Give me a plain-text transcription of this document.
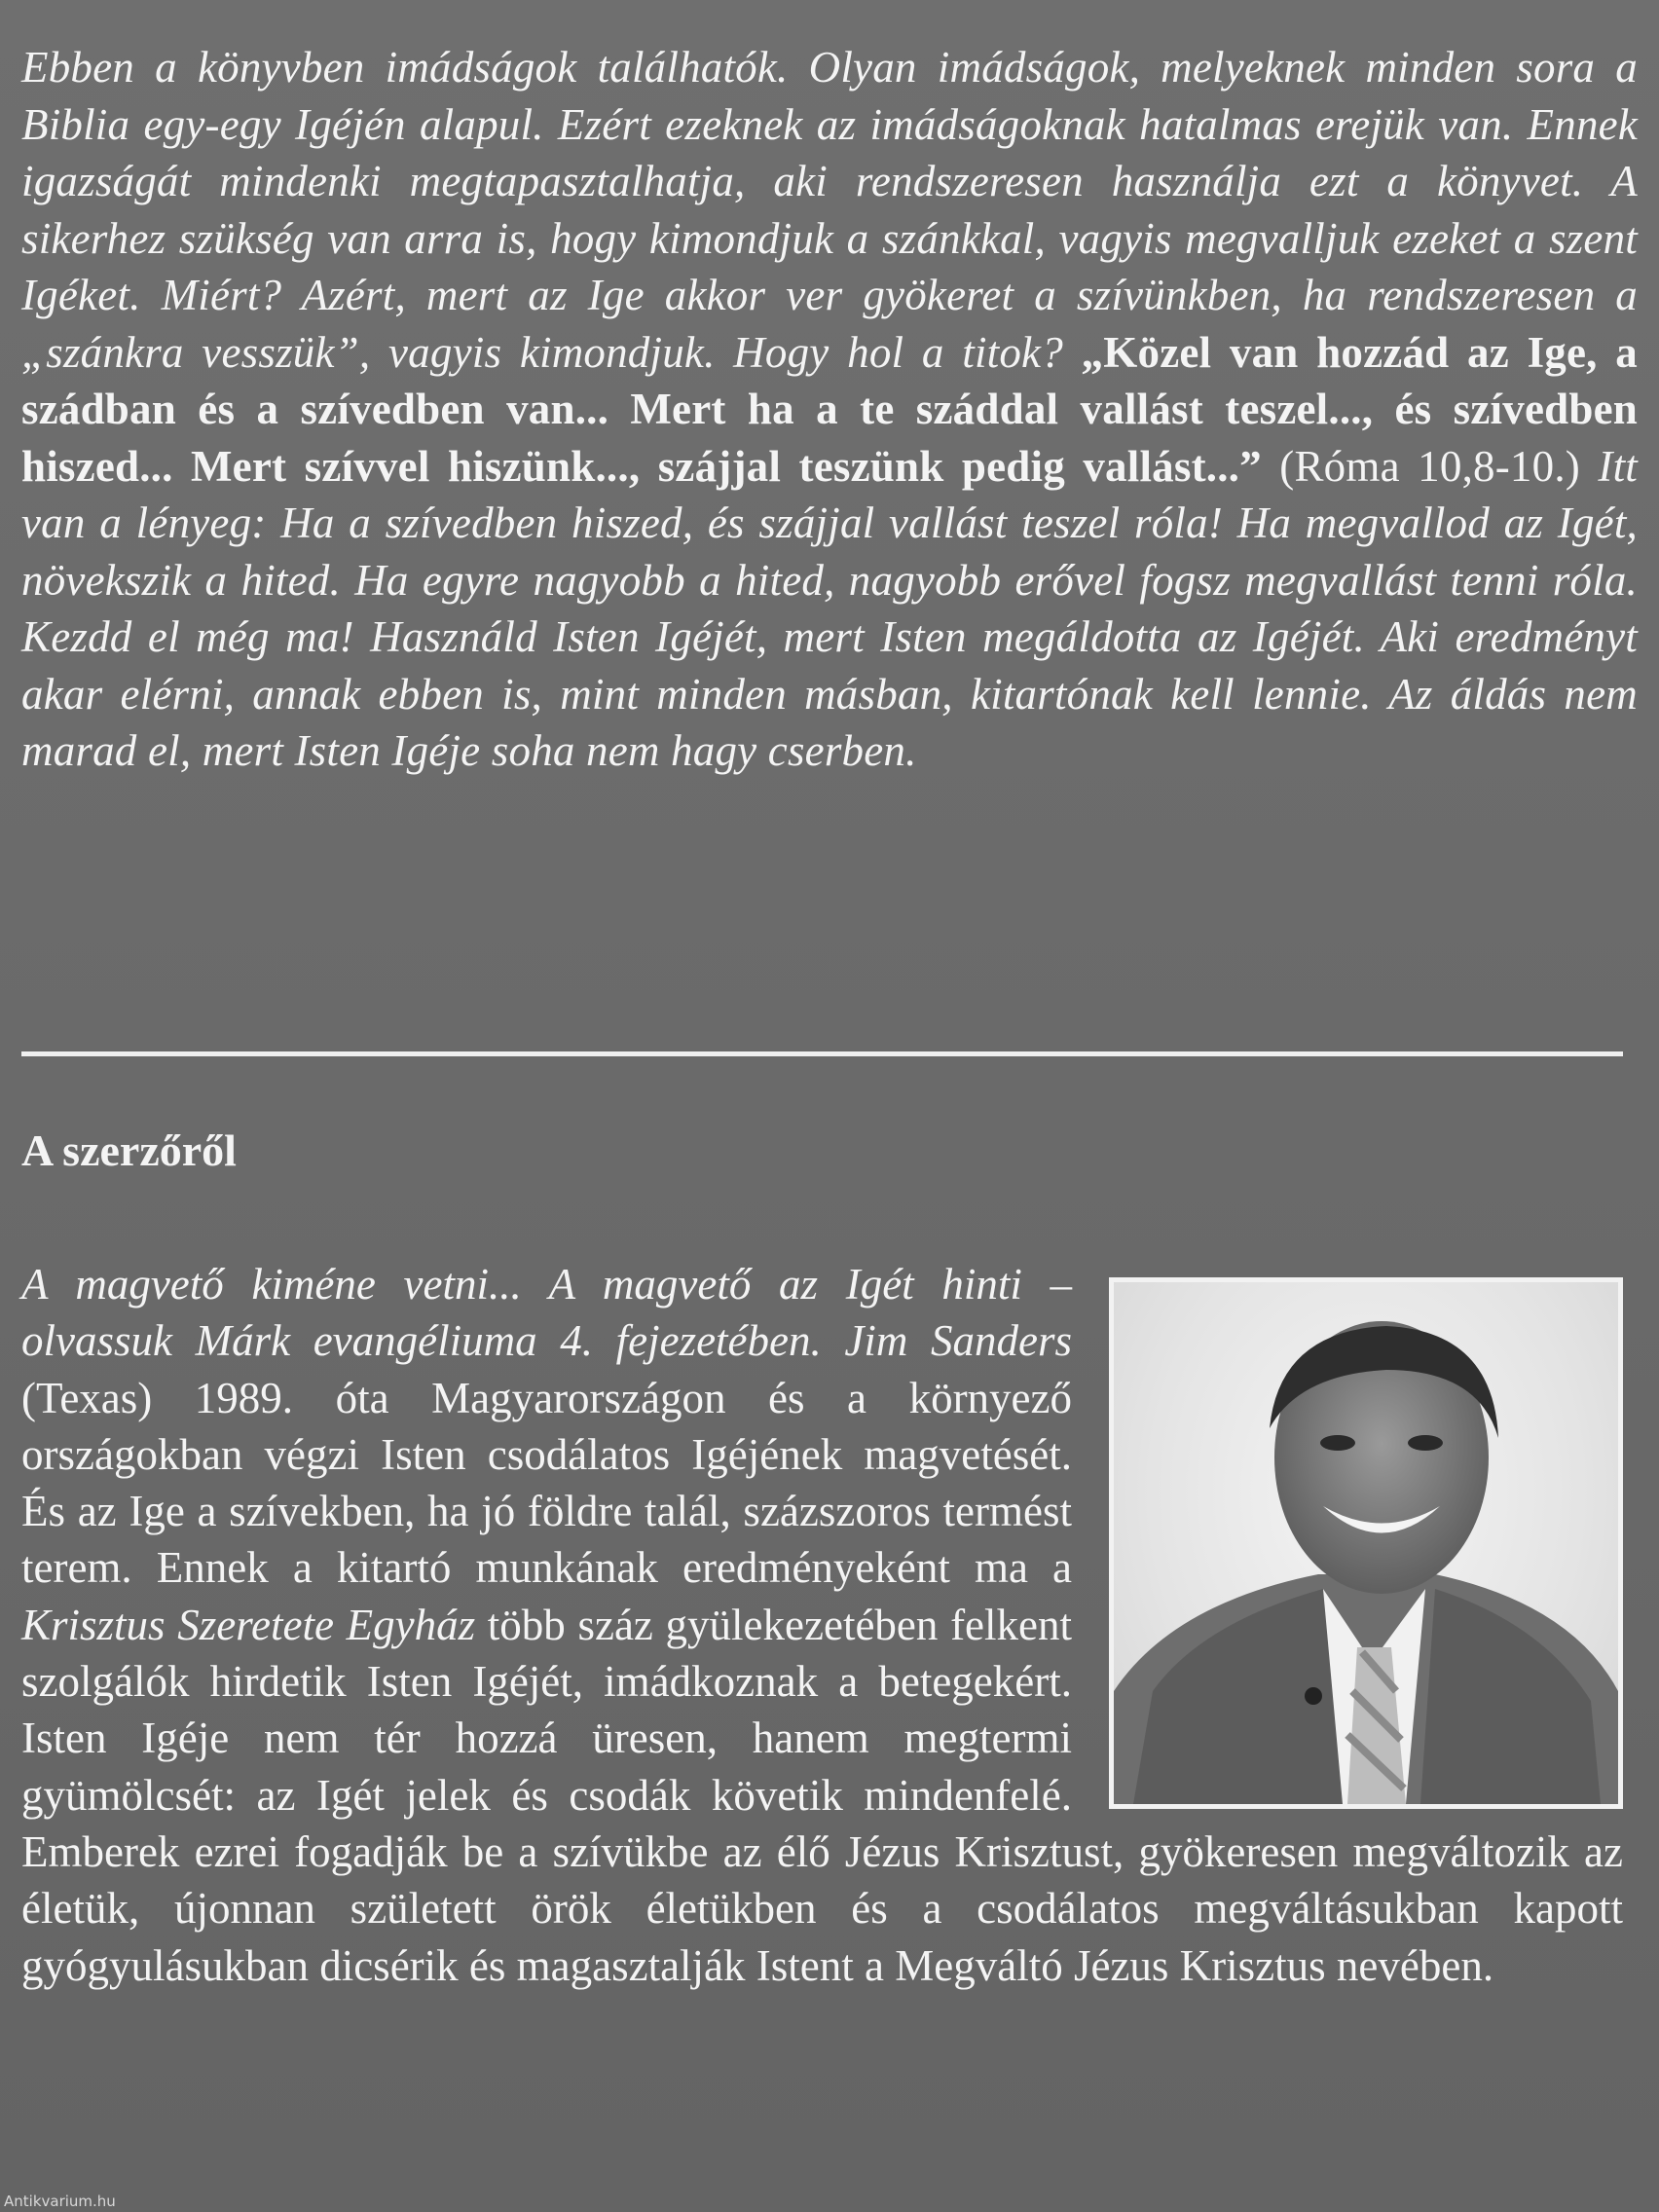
Ebben a könyvben imádságok találhatók. Olyan imádságok, melyeknek minden sora a Biblia egy-egy Igéjén alapul. Ezért ezeknek az imádságoknak hatalmas erejük van. Ennek igazságát mindenki megtapasztalhatja, aki rendszeresen használja ezt a könyvet. A sikerhez szükség van arra is, hogy kimondjuk a szánkkal, vagyis megvalljuk ezeket a szent Igéket. Miért? Azért, mert az Ige akkor ver gyökeret a szívünkben, ha rendszeresen a „szánkra vesszük”, vagyis kimondjuk. Hogy hol a titok? „Közel van hozzád az Ige, a szádban és a szívedben van... Mert ha a te száddal vallást teszel..., és szívedben hiszed... Mert szívvel hiszünk..., szájjal teszünk pedig vallást...” (Róma 10,8-10.) Itt van a lényeg: Ha a szívedben hiszed, és szájjal vallást teszel róla! Ha megvallod az Igét, növekszik a hited. Ha egyre nagyobb a hited, nagyobb erővel fogsz megvallást tenni róla. Kezdd el még ma! Használd Isten Igéjét, mert Isten megáldotta az Igéjét. Aki eredményt akar elérni, annak ebben is, mint minden másban, kitartónak kell lennie. Az áldás nem marad el, mert Isten Igéje soha nem hagy cserben.

A szerzőről

A magvető kiméne vetni... A magvető az Igét hinti – olvassuk Márk evangéliuma 4. fejezetében. Jim Sanders (Texas) 1989. óta Magyarországon és a környező országokban végzi Isten csodálatos Igéjének magvetését. És az Ige a szívekben, ha jó földre talál, százszoros termést terem. Ennek a kitartó munkának eredményeként ma a Krisztus Szeretete Egyház több száz gyülekezetében felkent szolgálók hirdetik Isten Igéjét, imádkoznak a betegekért. Isten Igéje nem tér hozzá üresen, hanem megtermi gyümölcsét: az Igét jelek és csodák követik mindenfelé. Emberek ezrei fogadják be a szívükbe az élő Jézus Krisztust, gyökeresen megváltozik az életük, újonnan született örök életükben és a csodálatos megváltásukban kapott gyógyulásukban dicsérik és magasztalják Istent a Megváltó Jézus Krisztus nevében.

Antikvarium.hu
